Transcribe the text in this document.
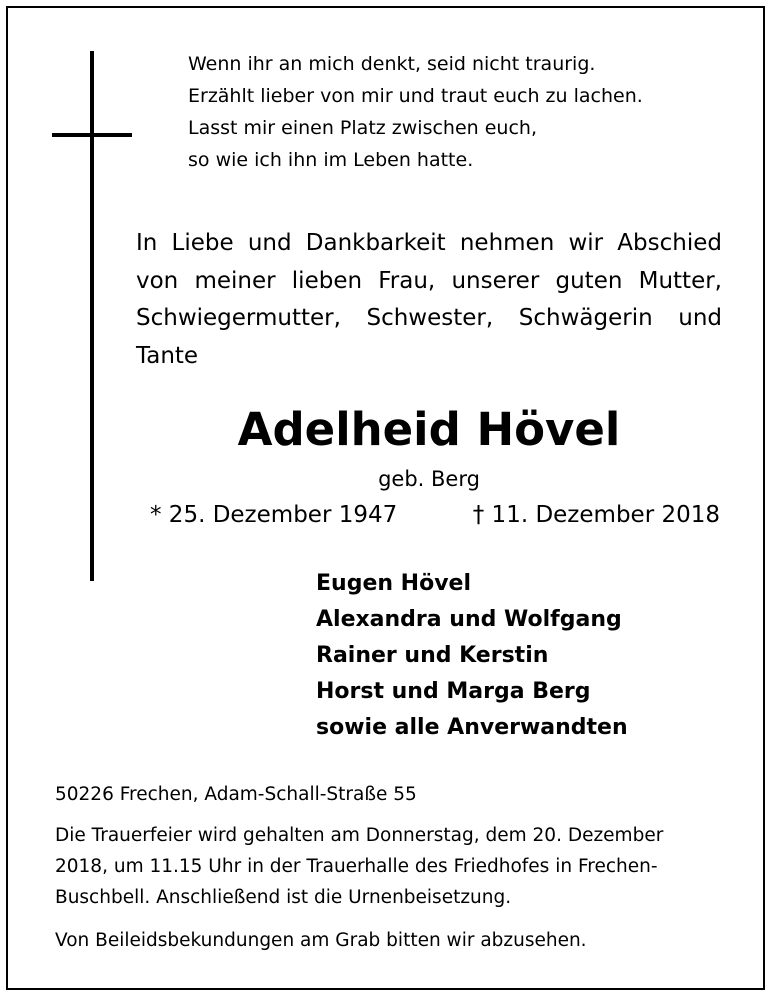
Wenn ihr an mich denkt, seid nicht traurig.
Erzählt lieber von mir und traut euch zu lachen.
Lasst mir einen Platz zwischen euch,
so wie ich ihn im Leben hatte.
In Liebe und Dankbarkeit nehmen wir Abschied
von meiner lieben Frau, unserer guten Mutter,
Schwiegermutter, Schwester, Schwägerin und
Tante
Adelheid Hövel
geb. Berg
* 25. Dezember 1947	† 11. Dezember 2018
Eugen Hövel
Alexandra und Wolfgang
Rainer und Kerstin
Horst und Marga Berg
sowie alle Anverwandten
50226 Frechen, Adam-Schall-Straße 55
Die Trauerfeier wird gehalten am Donnerstag, dem 20. Dezember
2018, um 11.15 Uhr in der Trauerhalle des Friedhofes in Frechen-
Buschbell. Anschließend ist die Urnenbeisetzung.
Von Beileidsbekundungen am Grab bitten wir abzusehen.
